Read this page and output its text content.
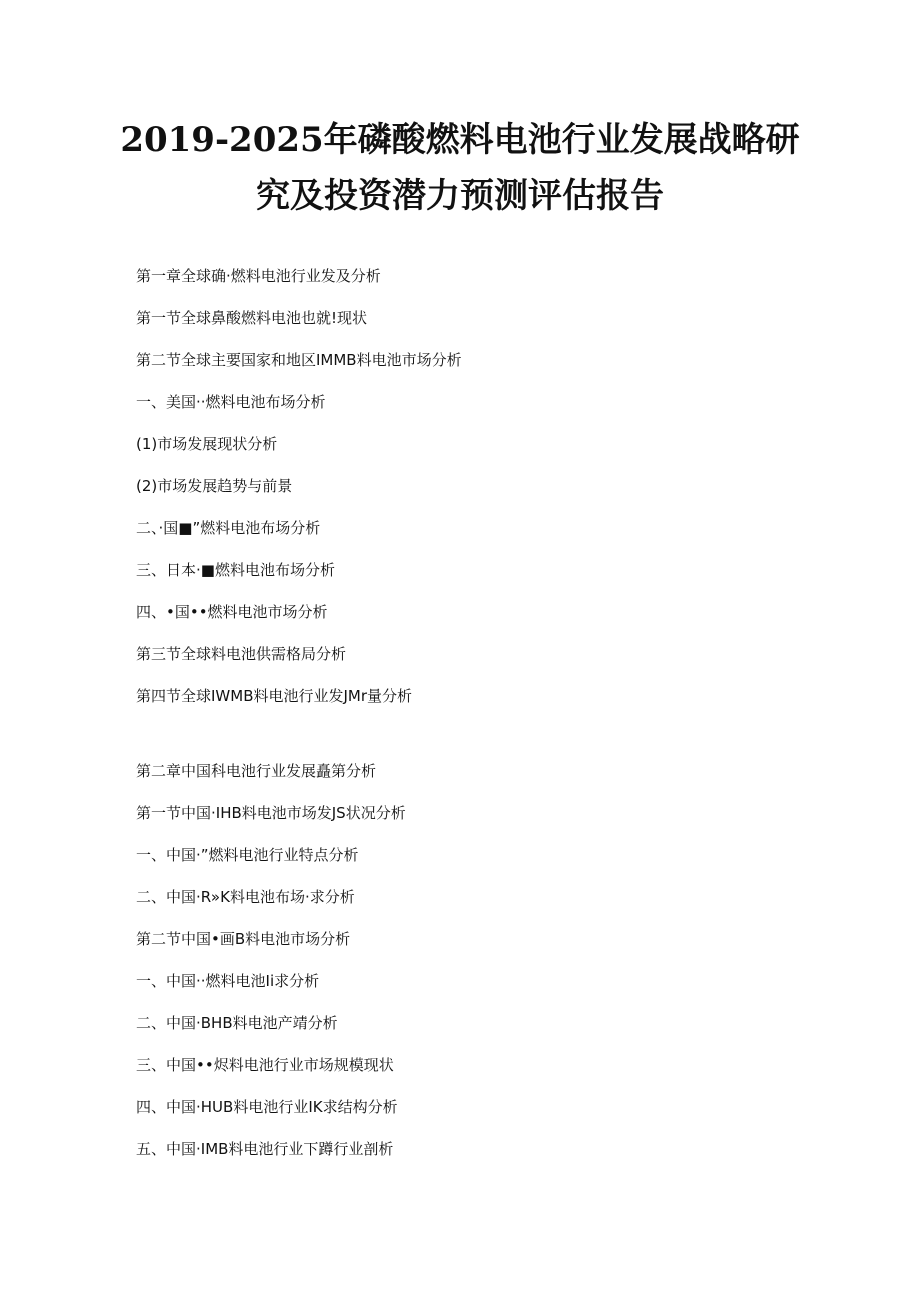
2019-2025年磷酸燃料电池行业发展战略研
究及投资潜力预测评估报告
第一章全球确·燃料电池行业发及分析
第一节全球鼻酸燃料电池也就!现状
第二节全球主要国家和地区IMMB料电池市场分析
一、美国··燃料电池布场分析
(1)市场发展现状分析
(2)市场发展趋势与前景
二、·国■”燃料电池布场分析
三、日本·■燃料电池布场分析
四、•国••燃料电池市场分析
第三节全球料电池供需格局分析
第四节全球IWMB料电池行业发JMr量分析
第二章中国科电池行业发展矗第分析
第一节中国·IHB料电池市场发JS状况分析
一、中国·”燃料电池行业特点分析
二、中国·R»K料电池布场·求分析
第二节中国•画B料电池市场分析
一、中国··燃料电池Ii求分析
二、中国·BHB料电池产靖分析
三、中国••烬料电池行业市场规模现状
四、中国·HUB料电池行业IK求结构分析
五、中国·IMB料电池行业下蹲行业剖析
